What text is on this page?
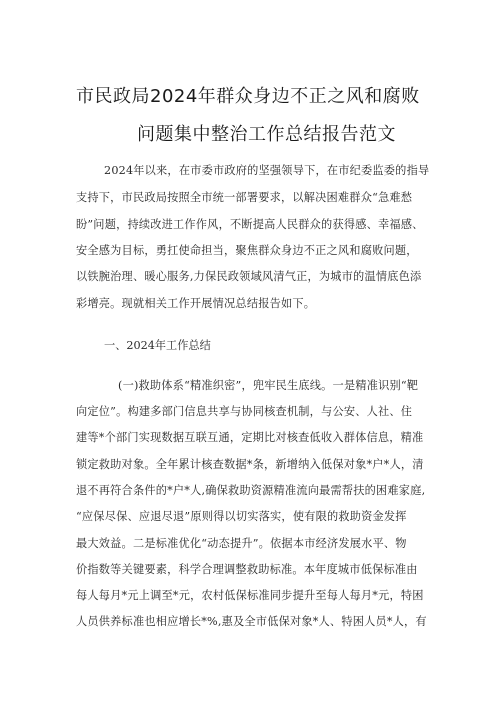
市民政局2024年群众身边不正之风和腐败
问题集中整治工作总结报告范文
2024年以来，在市委市政府的坚强领导下，在市纪委监委的指导
支持下，市民政局按照全市统一部署要求，以解决困难群众“急难愁
盼”问题，持续改进工作作风，不断提高人民群众的获得感、幸福感、
安全感为目标，勇扛使命担当，聚焦群众身边不正之风和腐败问题，
以铁腕治理、暖心服务,力保民政领域风清气正，为城市的温情底色添
彩增亮。现就相关工作开展情况总结报告如下。
一、2024年工作总结
(一)救助体系“精准织密”，兜牢民生底线。一是精准识别“靶
向定位”。构建多部门信息共享与协同核查机制，与公安、人社、住
建等*个部门实现数据互联互通，定期比对核查低收入群体信息，精准
锁定救助对象。全年累计核查数据*条，新增纳入低保对象*户*人，清
退不再符合条件的*户*人,确保救助资源精准流向最需帮扶的困难家庭,
“应保尽保、应退尽退”原则得以切实落实，使有限的救助资金发挥
最大效益。二是标准优化“动态提升”。依据本市经济发展水平、物
价指数等关键要素，科学合理调整救助标准。本年度城市低保标准由
每人每月*元上调至*元，农村低保标准同步提升至每人每月*元，特困
人员供养标准也相应增长*%,惠及全市低保对象*人、特困人员*人，有
